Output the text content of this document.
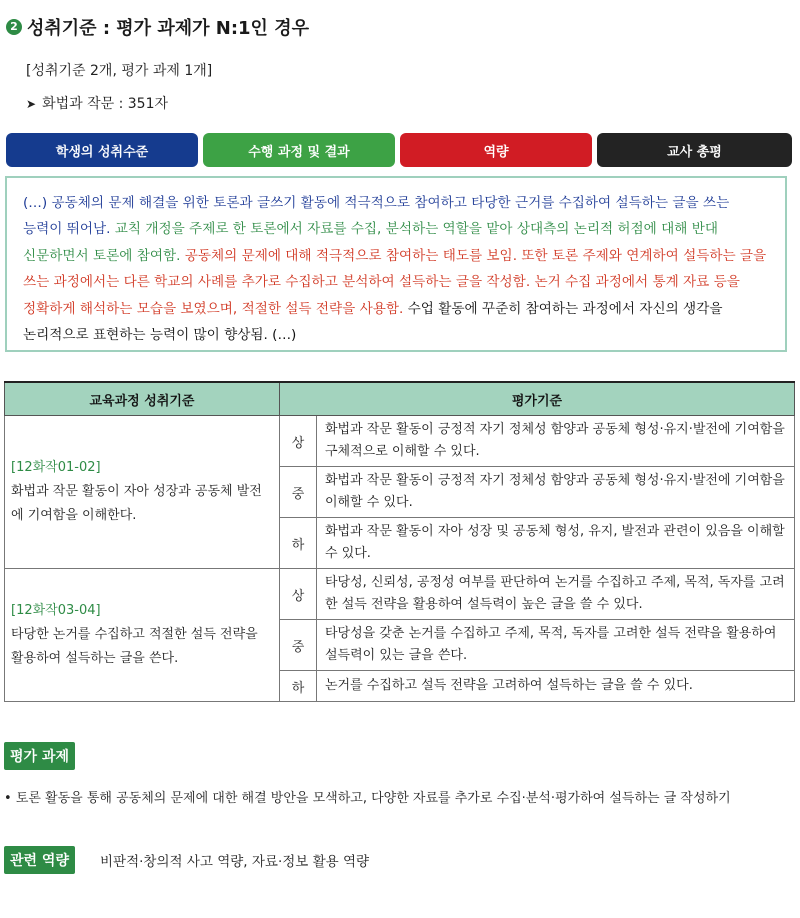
2 성취기준 : 평가 과제가 N:1인 경우
[성취기준 2개, 평가 과제 1개]
➤ 화법과 작문 : 351자
학생의 성취수준	수행 과정 및 결과	역량	교사 총평
(…) 공동체의 문제 해결을 위한 토론과 글쓰기 활동에 적극적으로 참여하고 타당한 근거를 수집하여 설득하는 글을 쓰는 능력이 뛰어남. 교칙 개정을 주제로 한 토론에서 자료를 수집, 분석하는 역할을 맡아 상대측의 논리적 허점에 대해 반대 신문하면서 토론에 참여함. 공동체의 문제에 대해 적극적으로 참여하는 태도를 보임. 또한 토론 주제와 연계하여 설득하는 글을 쓰는 과정에서는 다른 학교의 사례를 추가로 수집하고 분석하여 설득하는 글을 작성함. 논거 수집 과정에서 통계 자료 등을 정확하게 해석하는 모습을 보였으며, 적절한 설득 전략을 사용함. 수업 활동에 꾸준히 참여하는 과정에서 자신의 생각을 논리적으로 표현하는 능력이 많이 향상됨. (…)
교육과정 성취기준	평가기준	

[12화작01-02]
화법과 작문 활동이 자아 성장과 공동체 발전에 기여함을 이해한다.	상	화법과 작문 활동이 긍정적 자기 정체성 함양과 공동체 형성·유지·발전에 기여함을 구체적으로 이해할 수 있다.
	중	화법과 작문 활동이 긍정적 자기 정체성 함양과 공동체 형성·유지·발전에 기여함을 이해할 수 있다.
	하	화법과 작문 활동이 자아 성장 및 공동체 형성, 유지, 발전과 관련이 있음을 이해할 수 있다.

[12화작03-04]
타당한 논거를 수집하고 적절한 설득 전략을 활용하여 설득하는 글을 쓴다.	상	타당성, 신뢰성, 공정성 여부를 판단하여 논거를 수집하고 주제, 목적, 독자를 고려한 설득 전략을 활용하여 설득력이 높은 글을 쓸 수 있다.
	중	타당성을 갖춘 논거를 수집하고 주제, 목적, 독자를 고려한 설득 전략을 활용하여 설득력이 있는 글을 쓴다.
	하	논거를 수집하고 설득 전략을 고려하여 설득하는 글을 쓸 수 있다.
평가 과제
• 토론 활동을 통해 공동체의 문제에 대한 해결 방안을 모색하고, 다양한 자료를 추가로 수집·분석·평가하여 설득하는 글 작성하기
관련 역량	비판적·창의적 사고 역량, 자료·정보 활용 역량
